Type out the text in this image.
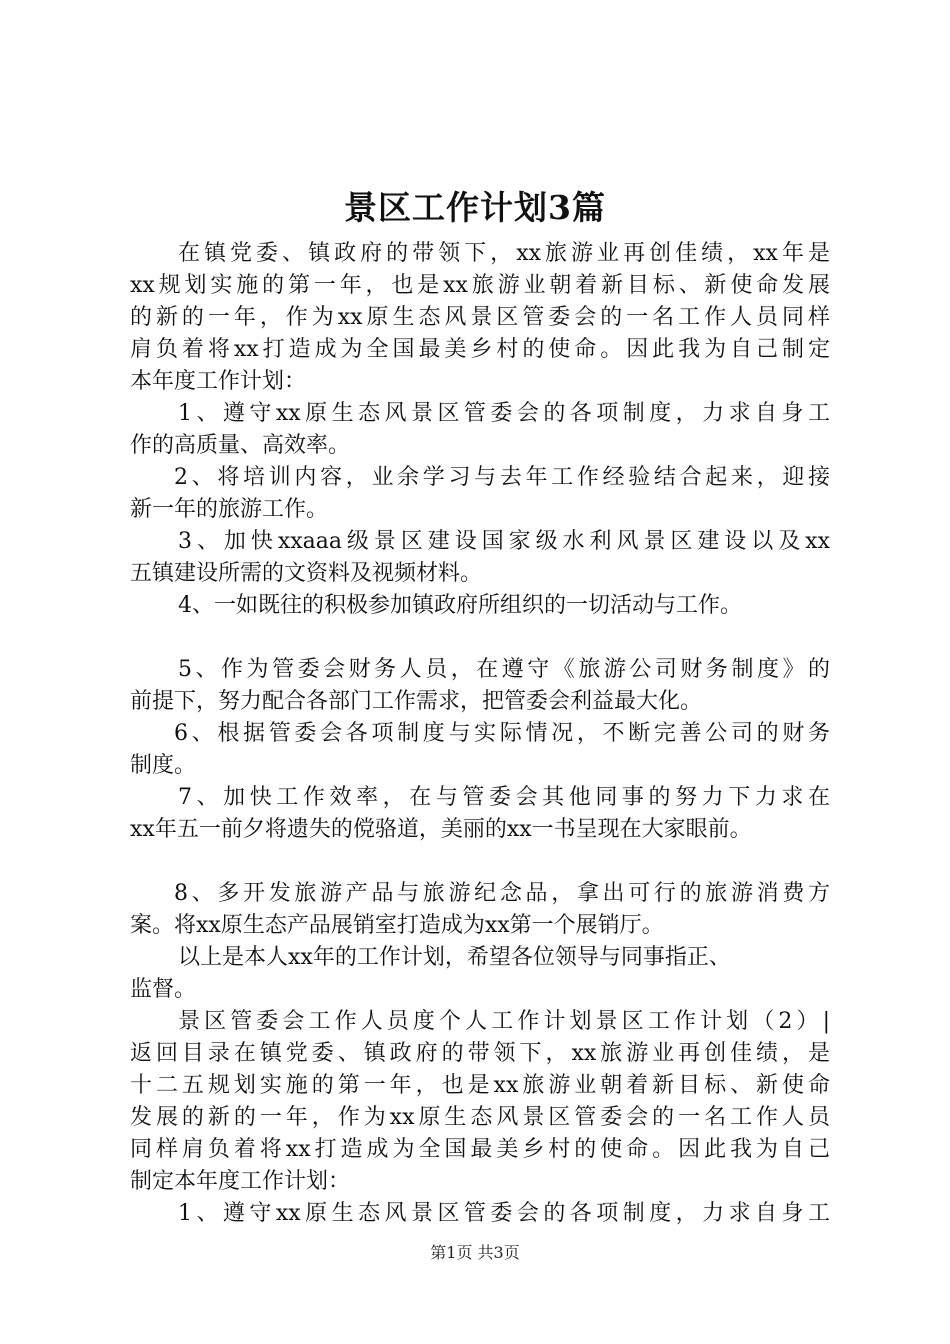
景区工作计划3篇
在镇党委、镇政府的带领下，xx旅游业再创佳绩，xx年是
xx规划实施的第一年，也是xx旅游业朝着新目标、新使命发展
的新的一年，作为xx原生态风景区管委会的一名工作人员同样
肩负着将xx打造成为全国最美乡村的使命。因此我为自己制定
本年度工作计划：
1、遵守xx原生态风景区管委会的各项制度，力求自身工
作的高质量、高效率。
2、将培训内容，业余学习与去年工作经验结合起来，迎接
新一年的旅游工作。
3、加快xxaaa级景区建设国家级水利风景区建设以及xx
五镇建设所需的文资料及视频材料。
4、一如既往的积极参加镇政府所组织的一切活动与工作。
5、作为管委会财务人员，在遵守《旅游公司财务制度》的
前提下，努力配合各部门工作需求，把管委会利益最大化。
6、根据管委会各项制度与实际情况，不断完善公司的财务
制度。
7、加快工作效率，在与管委会其他同事的努力下力求在
xx年五一前夕将遗失的傥骆道，美丽的xx一书呈现在大家眼前。
8、多开发旅游产品与旅游纪念品，拿出可行的旅游消费方
案。将xx原生态产品展销室打造成为xx第一个展销厅。
以上是本人xx年的工作计划，希望各位领导与同事指正、
监督。
景区管委会工作人员度个人工作计划景区工作计划（2）|
返回目录在镇党委、镇政府的带领下，xx旅游业再创佳绩，是
十二五规划实施的第一年，也是xx旅游业朝着新目标、新使命
发展的新的一年，作为xx原生态风景区管委会的一名工作人员
同样肩负着将xx打造成为全国最美乡村的使命。因此我为自己
制定本年度工作计划：
1、遵守xx原生态风景区管委会的各项制度，力求自身工
第1页 共3页
